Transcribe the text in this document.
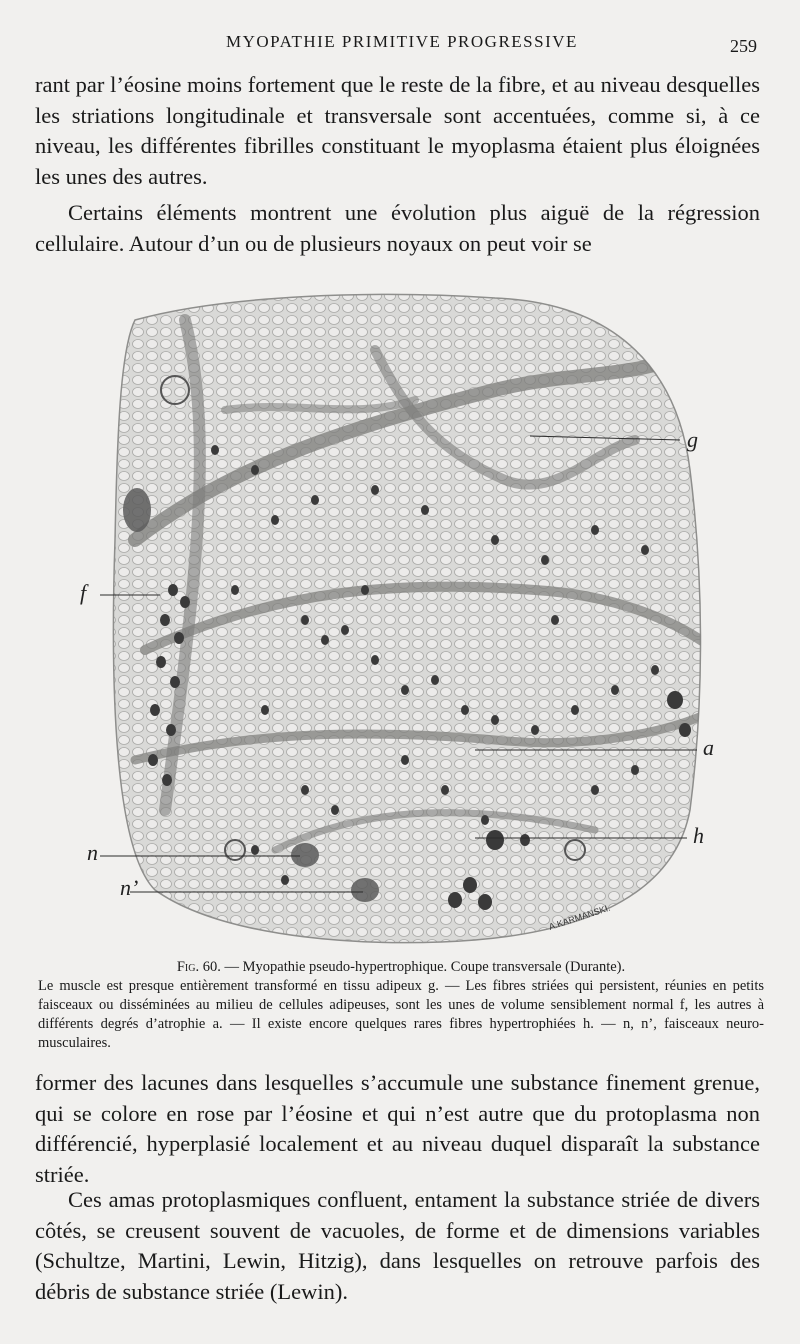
MYOPATHIE PRIMITIVE PROGRESSIVE	259

rant par l’éosine moins fortement que le reste de la fibre, et au niveau desquelles les striations longitudinale et transversale sont accentuées, comme si, à ce niveau, les différentes fibrilles constituant le myoplasma étaient plus éloignées les unes des autres.

Certains éléments montrent une évolution plus aiguë de la régression cellulaire. Autour d’un ou de plusieurs noyaux on peut voir se

g
f
a
h
n
n’
A.KARMANSKI.
Fig. 60. — Myopathie pseudo-hypertrophique. Coupe transversale (Durante).
Le muscle est presque entièrement transformé en tissu adipeux g. — Les fibres striées qui persistent, réunies en petits faisceaux ou disséminées au milieu de cellules adipeuses, sont les unes de volume sensiblement normal f, les autres à différents degrés d’atrophie a. — Il existe encore quelques rares fibres hypertrophiées h. — n, n’, faisceaux neuro-musculaires.

former des lacunes dans lesquelles s’accumule une substance finement grenue, qui se colore en rose par l’éosine et qui n’est autre que du protoplasma non différencié, hyperplasié localement et au niveau duquel disparaît la substance striée.

Ces amas protoplasmiques confluent, entament la substance striée de divers côtés, se creusent souvent de vacuoles, de forme et de dimensions variables (Schultze, Martini, Lewin, Hitzig), dans lesquelles on retrouve parfois des débris de substance striée (Lewin).
